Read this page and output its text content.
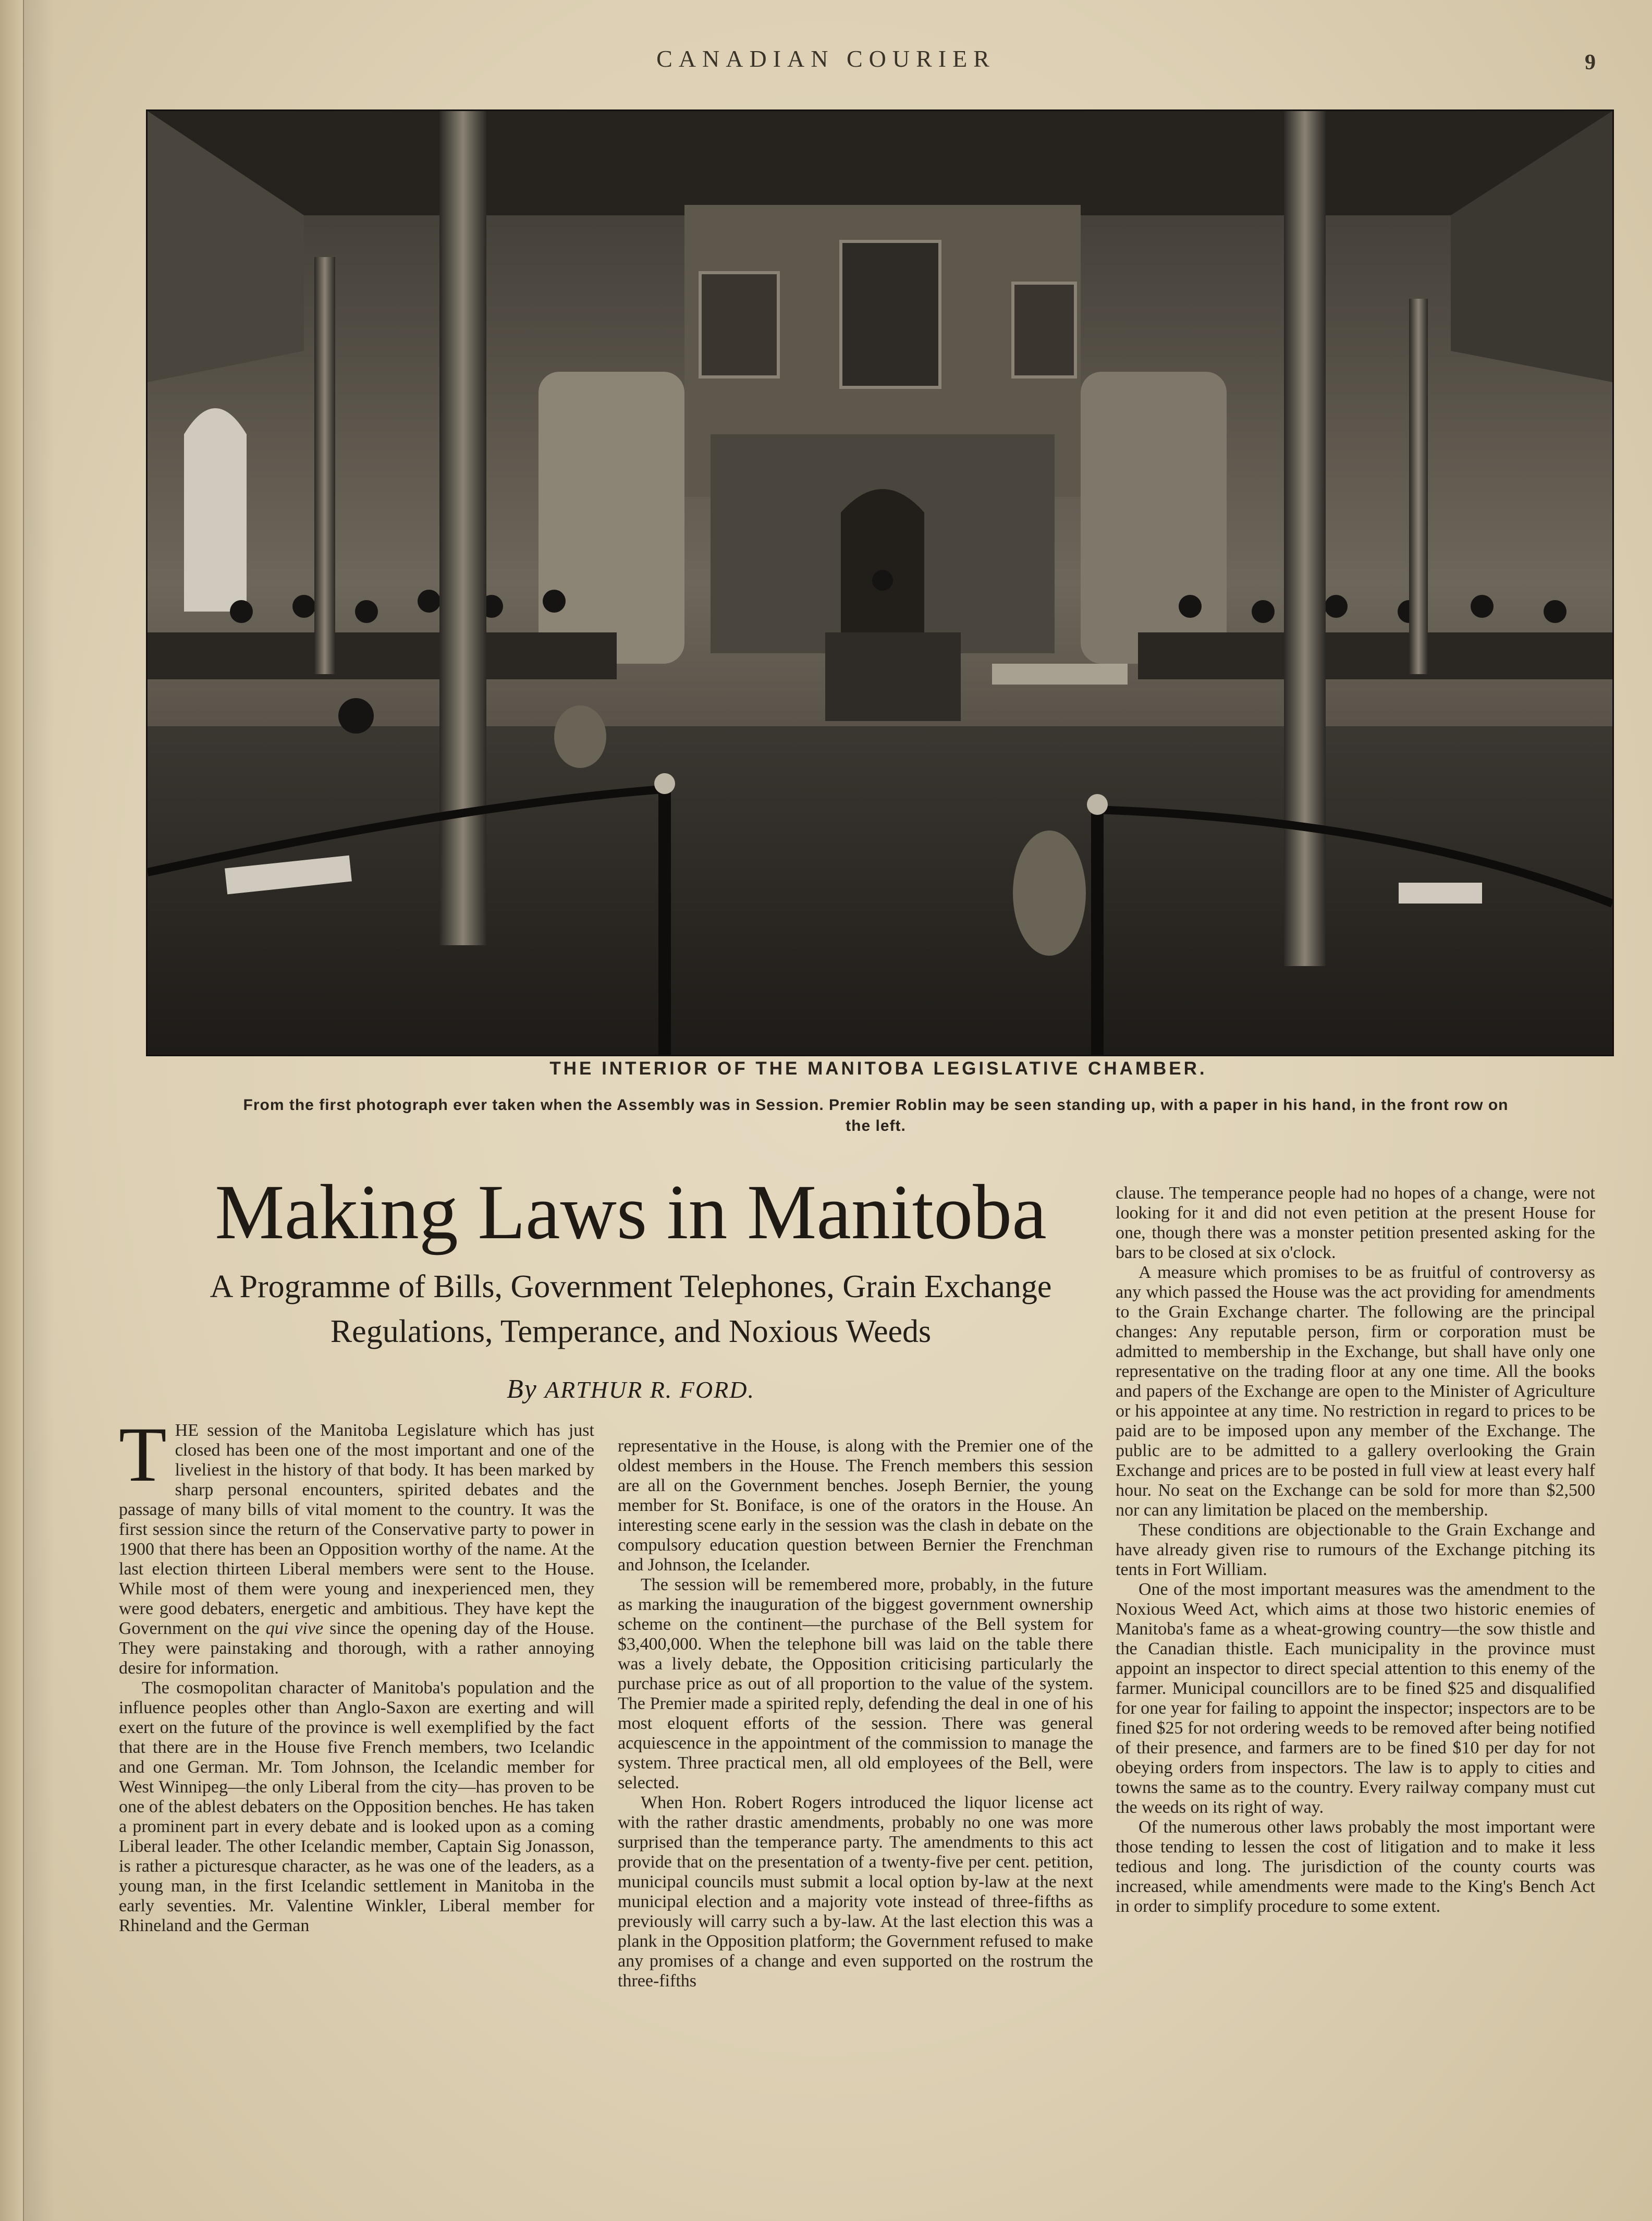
CANADIAN COURIER	9
THE INTERIOR OF THE MANITOBA LEGISLATIVE CHAMBER.
From the first photograph ever taken when the Assembly was in Session. Premier Roblin may be seen standing up, with a paper in his hand, in the front row on the left.
Making Laws in Manitoba
A Programme of Bills, Government Telephones, Grain Exchange Regulations, Temperance, and Noxious Weeds
By ARTHUR R. FORD.

THE session of the Manitoba Legislature which has just closed has been one of the most important and one of the liveliest in the history of that body. It has been marked by sharp personal encounters, spirited debates and the passage of many bills of vital moment to the country. It was the first session since the return of the Conservative party to power in 1900 that there has been an Opposition worthy of the name. At the last election thirteen Liberal members were sent to the House. While most of them were young and inexperienced men, they were good debaters, energetic and ambitious. They have kept the Government on the qui vive since the opening day of the House. They were painstaking and thorough, with a rather annoying desire for information.

The cosmopolitan character of Manitoba's population and the influence peoples other than Anglo-Saxon are exerting and will exert on the future of the province is well exemplified by the fact that there are in the House five French members, two Icelandic and one German. Mr. Tom Johnson, the Icelandic member for West Winnipeg—the only Liberal from the city—has proven to be one of the ablest debaters on the Opposition benches. He has taken a prominent part in every debate and is looked upon as a coming Liberal leader. The other Icelandic member, Captain Sig Jonasson, is rather a picturesque character, as he was one of the leaders, as a young man, in the first Icelandic settlement in Manitoba in the early seventies. Mr. Valentine Winkler, Liberal member for Rhineland and the German

representative in the House, is along with the Premier one of the oldest members in the House. The French members this session are all on the Government benches. Joseph Bernier, the young member for St. Boniface, is one of the orators in the House. An interesting scene early in the session was the clash in debate on the compulsory education question between Bernier the Frenchman and Johnson, the Icelander.

The session will be remembered more, probably, in the future as marking the inauguration of the biggest government ownership scheme on the continent—the purchase of the Bell system for $3,400,000. When the telephone bill was laid on the table there was a lively debate, the Opposition criticising particularly the purchase price as out of all proportion to the value of the system. The Premier made a spirited reply, defending the deal in one of his most eloquent efforts of the session. There was general acquiescence in the appointment of the commission to manage the system. Three practical men, all old employees of the Bell, were selected.

When Hon. Robert Rogers introduced the liquor license act with the rather drastic amendments, probably no one was more surprised than the temperance party. The amendments to this act provide that on the presentation of a twenty-five per cent. petition, municipal councils must submit a local option by-law at the next municipal election and a majority vote instead of three-fifths as previously will carry such a by-law. At the last election this was a plank in the Opposition platform; the Government refused to make any promises of a change and even supported on the rostrum the three-fifths

clause. The temperance people had no hopes of a change, were not looking for it and did not even petition at the present House for one, though there was a monster petition presented asking for the bars to be closed at six o'clock.

A measure which promises to be as fruitful of controversy as any which passed the House was the act providing for amendments to the Grain Exchange charter. The following are the principal changes: Any reputable person, firm or corporation must be admitted to membership in the Exchange, but shall have only one representative on the trading floor at any one time. All the books and papers of the Exchange are open to the Minister of Agriculture or his appointee at any time. No restriction in regard to prices to be paid are to be imposed upon any member of the Exchange. The public are to be admitted to a gallery overlooking the Grain Exchange and prices are to be posted in full view at least every half hour. No seat on the Exchange can be sold for more than $2,500 nor can any limitation be placed on the membership.

These conditions are objectionable to the Grain Exchange and have already given rise to rumours of the Exchange pitching its tents in Fort William.

One of the most important measures was the amendment to the Noxious Weed Act, which aims at those two historic enemies of Manitoba's fame as a wheat-growing country—the sow thistle and the Canadian thistle. Each municipality in the province must appoint an inspector to direct special attention to this enemy of the farmer. Municipal councillors are to be fined $25 and disqualified for one year for failing to appoint the inspector; inspectors are to be fined $25 for not ordering weeds to be removed after being notified of their presence, and farmers are to be fined $10 per day for not obeying orders from inspectors. The law is to apply to cities and towns the same as to the country. Every railway company must cut the weeds on its right of way.

Of the numerous other laws probably the most important were those tending to lessen the cost of litigation and to make it less tedious and long. The jurisdiction of the county courts was increased, while amendments were made to the King's Bench Act in order to simplify procedure to some extent.
